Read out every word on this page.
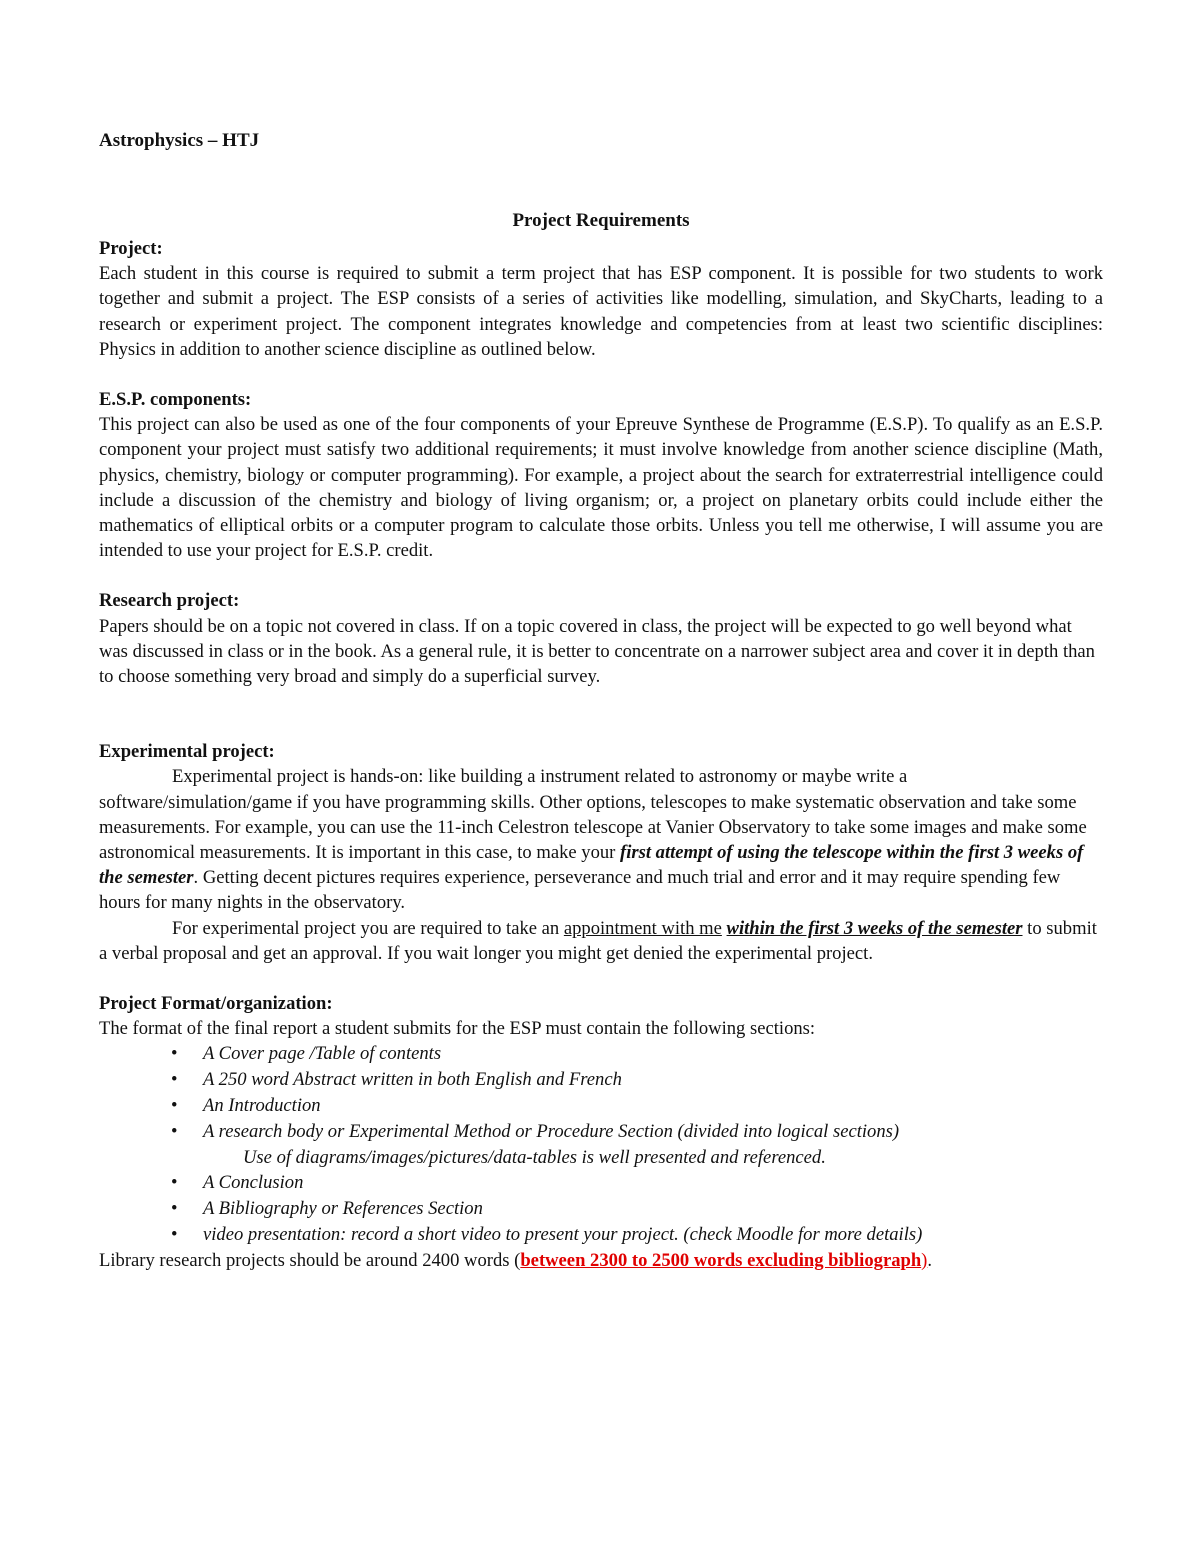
Astrophysics – HTJ
Project Requirements
Project:

Each student in this course is required to submit a term project that has ESP component. It is possible for two students to work together and submit a project. The ESP consists of a series of activities like modelling, simulation, and SkyCharts, leading to a research or experiment project. The component integrates knowledge and competencies from at least two scientific disciplines: Physics in addition to another science discipline as outlined below.

E.S.P. components:

This project can also be used as one of the four components of your Epreuve Synthese de Programme (E.S.P). To qualify as an E.S.P. component your project must satisfy two additional requirements; it must involve knowledge from another science discipline (Math, physics, chemistry, biology or computer programming). For example, a project about the search for extraterrestrial intelligence could include a discussion of the chemistry and biology of living organism; or, a project on planetary orbits could include either the mathematics of elliptical orbits or a computer program to calculate those orbits. Unless you tell me otherwise, I will assume you are intended to use your project for E.S.P. credit.

Research project:

Papers should be on a topic not covered in class. If on a topic covered in class, the project will be expected to go well beyond what was discussed in class or in the book. As a general rule, it is better to concentrate on a narrower subject area and cover it in depth than to choose something very broad and simply do a superficial survey.

Experimental project:

Experimental project is hands-on: like building a instrument related to astronomy or maybe write a software/simulation/game if you have programming skills. Other options, telescopes to make systematic observation and take some measurements. For example, you can use the 11-inch Celestron telescope at Vanier Observatory to take some images and make some astronomical measurements. It is important in this case, to make your first attempt of using the telescope within the first 3 weeks of the semester. Getting decent pictures requires experience, perseverance and much trial and error and it may require spending few hours for many nights in the observatory.

For experimental project you are required to take an appointment with me within the first 3 weeks of the semester to submit a verbal proposal and get an approval. If you wait longer you might get denied the experimental project.

Project Format/organization:

The format of the final report a student submits for the ESP must contain the following sections:

• A Cover page /Table of contents
• A 250 word Abstract written in both English and French
• An Introduction
• A research body or Experimental Method or Procedure Section (divided into logical sections)
Use of diagrams/images/pictures/data-tables is well presented and referenced.
• A Conclusion
• A Bibliography or References Section
• video presentation: record a short video to present your project. (check Moodle for more details)

Library research projects should be around 2400 words (between 2300 to 2500 words excluding bibliograph).
